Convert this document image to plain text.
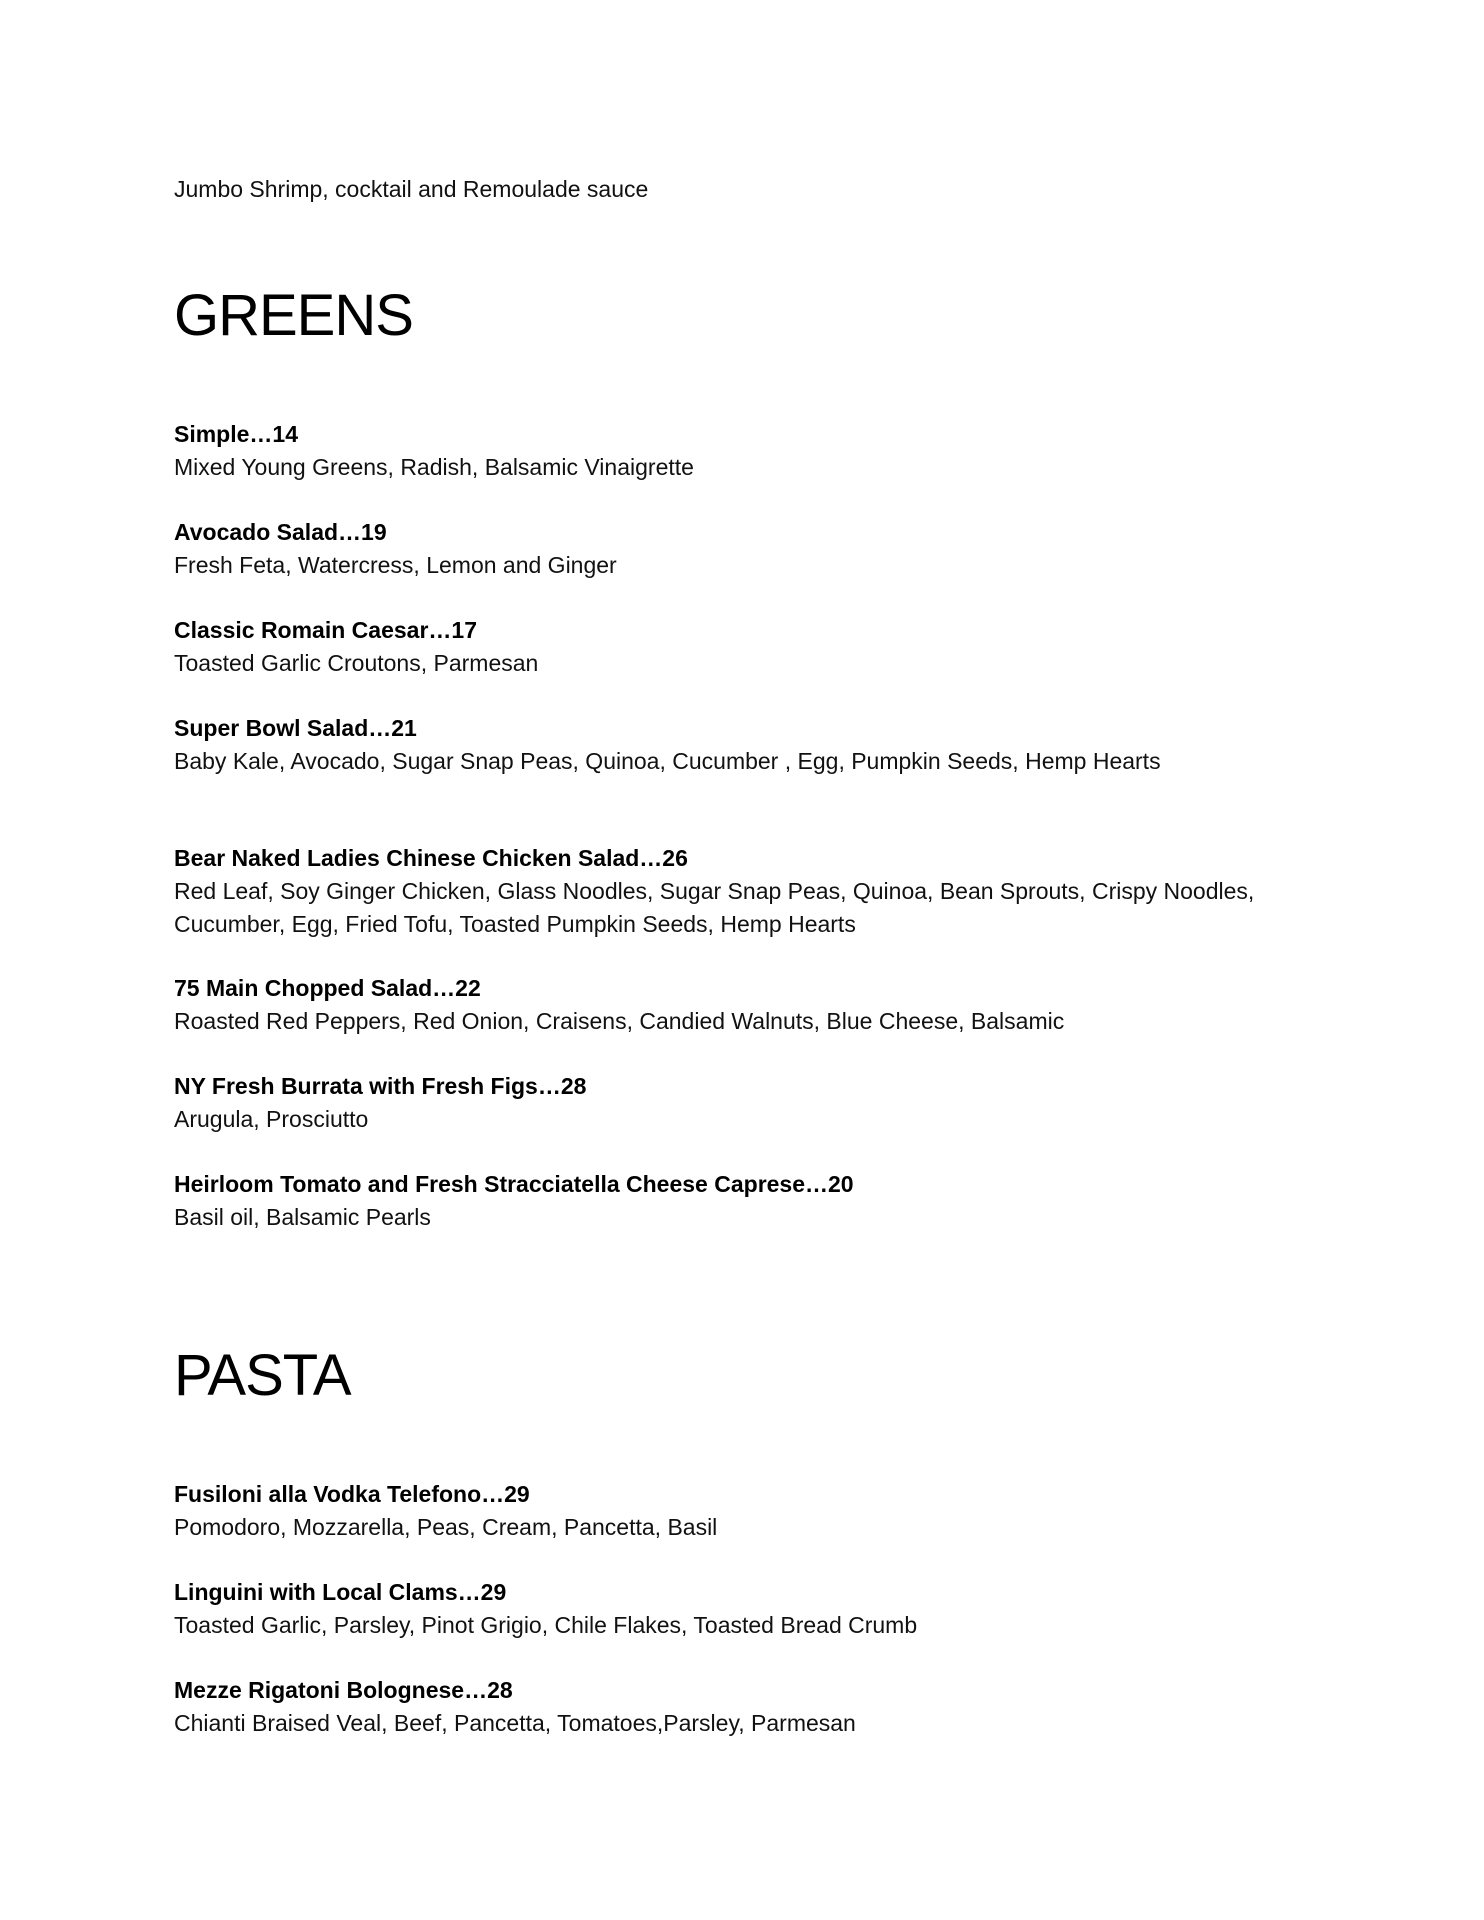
Jumbo Shrimp, cocktail and Remoulade sauce
GREENS
Simple…14
Mixed Young Greens, Radish, Balsamic Vinaigrette
Avocado Salad…19
Fresh Feta, Watercress, Lemon and Ginger
Classic Romain Caesar…17
Toasted Garlic Croutons, Parmesan
Super Bowl Salad…21
Baby Kale, Avocado, Sugar Snap Peas, Quinoa, Cucumber , Egg, Pumpkin Seeds, Hemp Hearts
Bear Naked Ladies Chinese Chicken Salad…26
Red Leaf, Soy Ginger Chicken, Glass Noodles, Sugar Snap Peas, Quinoa, Bean Sprouts, Crispy Noodles, Cucumber, Egg, Fried Tofu, Toasted Pumpkin Seeds, Hemp Hearts
75 Main Chopped Salad…22
Roasted Red Peppers, Red Onion, Craisens, Candied Walnuts, Blue Cheese, Balsamic
NY Fresh Burrata with Fresh Figs…28
Arugula, Prosciutto
Heirloom Tomato and Fresh Stracciatella Cheese Caprese…20
Basil oil, Balsamic Pearls
PASTA
Fusiloni alla Vodka Telefono…29
Pomodoro, Mozzarella, Peas, Cream, Pancetta, Basil
Linguini with Local Clams…29
Toasted Garlic, Parsley, Pinot Grigio, Chile Flakes, Toasted Bread Crumb
Mezze Rigatoni Bolognese…28
Chianti Braised Veal, Beef, Pancetta, Tomatoes,Parsley, Parmesan
